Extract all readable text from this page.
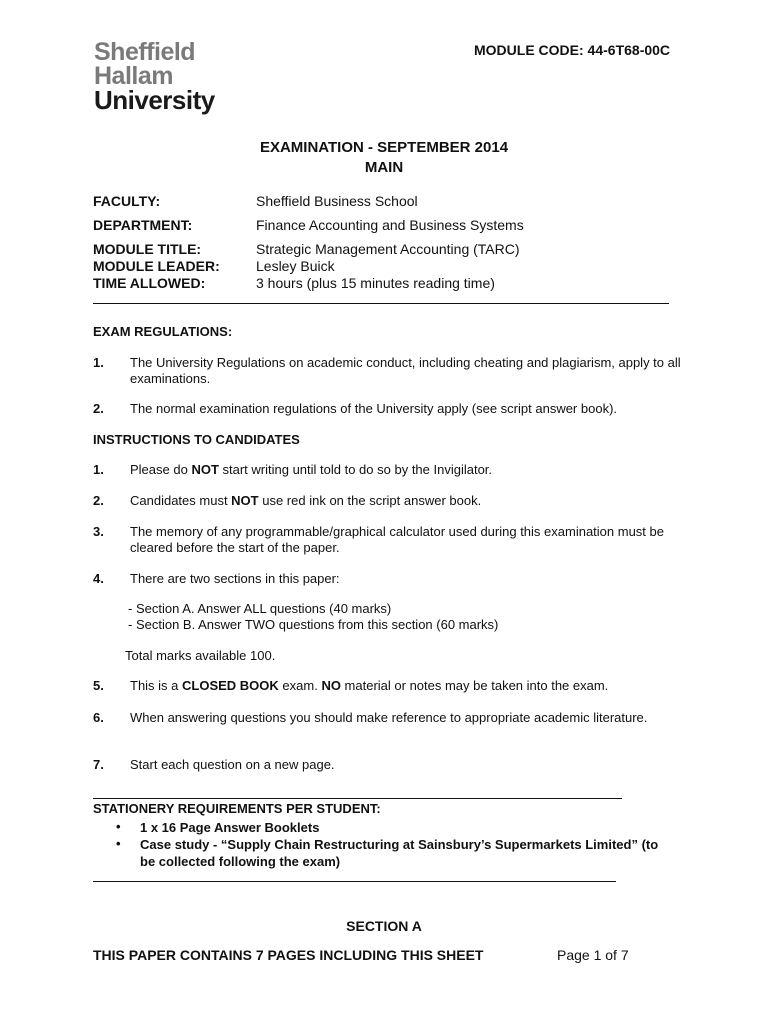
Sheffield
Hallam
University
MODULE CODE: 44-6T68-00C
EXAMINATION - SEPTEMBER 2014
MAIN
FACULTY:	Sheffield Business School
DEPARTMENT:	Finance Accounting and Business Systems
MODULE TITLE:	Strategic Management Accounting (TARC)
MODULE LEADER:	Lesley Buick
TIME ALLOWED:	3 hours (plus 15 minutes reading time)
EXAM REGULATIONS:
1. The University Regulations on academic conduct, including cheating and plagiarism, apply to all examinations.
2. The normal examination regulations of the University apply (see script answer book).
INSTRUCTIONS TO CANDIDATES
1. Please do NOT start writing until told to do so by the Invigilator.
2. Candidates must NOT use red ink on the script answer book.
3. The memory of any programmable/graphical calculator used during this examination must be cleared before the start of the paper.
4. There are two sections in this paper:
- Section A. Answer ALL questions (40 marks)
- Section B. Answer TWO questions from this section (60 marks)
Total marks available 100.
5. This is a CLOSED BOOK exam. NO material or notes may be taken into the exam.
6. When answering questions you should make reference to appropriate academic literature.
7. Start each question on a new page.
STATIONERY REQUIREMENTS PER STUDENT:
• 1 x 16 Page Answer Booklets
• Case study - “Supply Chain Restructuring at Sainsbury’s Supermarkets Limited” (to be collected following the exam)
SECTION A
THIS PAPER CONTAINS 7 PAGES INCLUDING THIS SHEET	Page 1 of 7
